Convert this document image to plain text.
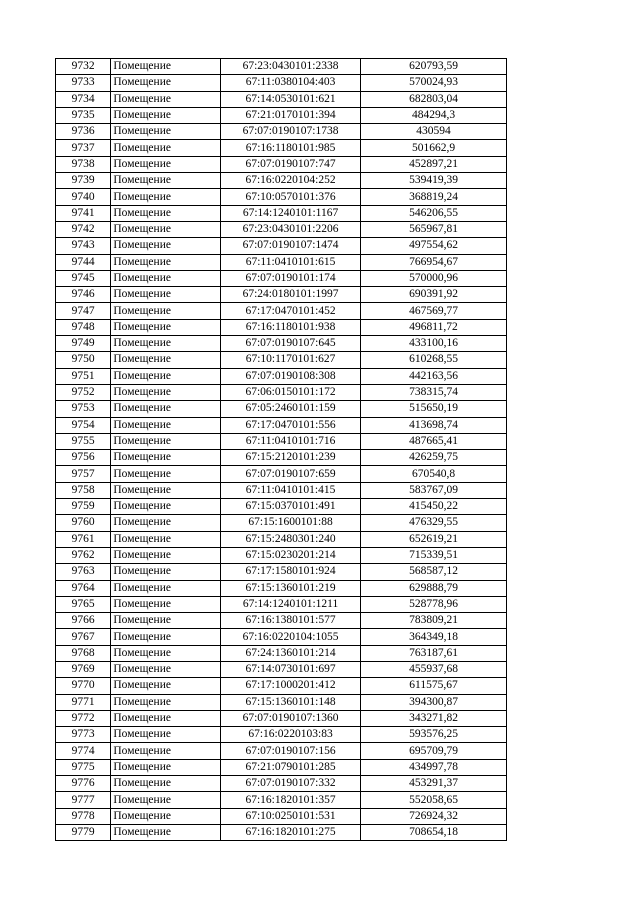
9732	Помещение	67:23:0430101:2338	620793,59
9733	Помещение	67:11:0380104:403	570024,93
9734	Помещение	67:14:0530101:621	682803,04
9735	Помещение	67:21:0170101:394	484294,3
9736	Помещение	67:07:0190107:1738	430594
9737	Помещение	67:16:1180101:985	501662,9
9738	Помещение	67:07:0190107:747	452897,21
9739	Помещение	67:16:0220104:252	539419,39
9740	Помещение	67:10:0570101:376	368819,24
9741	Помещение	67:14:1240101:1167	546206,55
9742	Помещение	67:23:0430101:2206	565967,81
9743	Помещение	67:07:0190107:1474	497554,62
9744	Помещение	67:11:0410101:615	766954,67
9745	Помещение	67:07:0190101:174	570000,96
9746	Помещение	67:24:0180101:1997	690391,92
9747	Помещение	67:17:0470101:452	467569,77
9748	Помещение	67:16:1180101:938	496811,72
9749	Помещение	67:07:0190107:645	433100,16
9750	Помещение	67:10:1170101:627	610268,55
9751	Помещение	67:07:0190108:308	442163,56
9752	Помещение	67:06:0150101:172	738315,74
9753	Помещение	67:05:2460101:159	515650,19
9754	Помещение	67:17:0470101:556	413698,74
9755	Помещение	67:11:0410101:716	487665,41
9756	Помещение	67:15:2120101:239	426259,75
9757	Помещение	67:07:0190107:659	670540,8
9758	Помещение	67:11:0410101:415	583767,09
9759	Помещение	67:15:0370101:491	415450,22
9760	Помещение	67:15:1600101:88	476329,55
9761	Помещение	67:15:2480301:240	652619,21
9762	Помещение	67:15:0230201:214	715339,51
9763	Помещение	67:17:1580101:924	568587,12
9764	Помещение	67:15:1360101:219	629888,79
9765	Помещение	67:14:1240101:1211	528778,96
9766	Помещение	67:16:1380101:577	783809,21
9767	Помещение	67:16:0220104:1055	364349,18
9768	Помещение	67:24:1360101:214	763187,61
9769	Помещение	67:14:0730101:697	455937,68
9770	Помещение	67:17:1000201:412	611575,67
9771	Помещение	67:15:1360101:148	394300,87
9772	Помещение	67:07:0190107:1360	343271,82
9773	Помещение	67:16:0220103:83	593576,25
9774	Помещение	67:07:0190107:156	695709,79
9775	Помещение	67:21:0790101:285	434997,78
9776	Помещение	67:07:0190107:332	453291,37
9777	Помещение	67:16:1820101:357	552058,65
9778	Помещение	67:10:0250101:531	726924,32
9779	Помещение	67:16:1820101:275	708654,18
